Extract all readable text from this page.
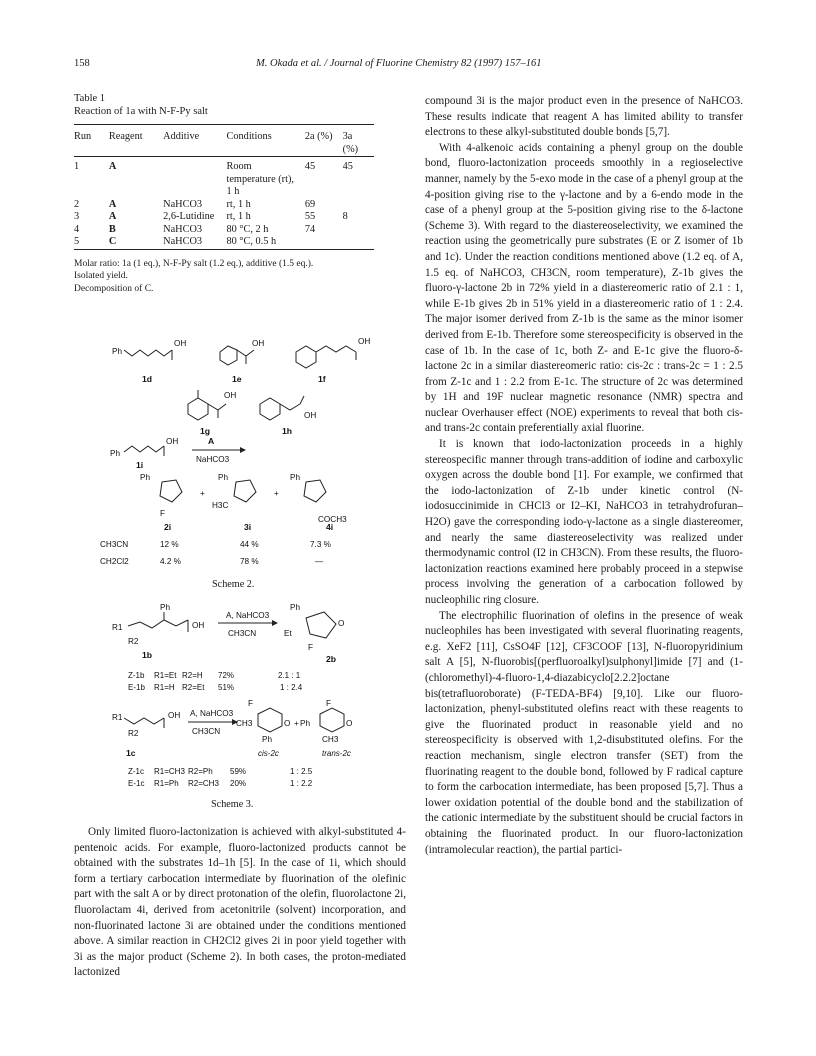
158	M. Okada et al. / Journal of Fluorine Chemistry 82 (1997) 157–161
Table 1
Reaction of 1a with N-F-Py salt

Run	Reagent	Additive	Conditions	2a (%)	3a (%)

1	A		Room temperature (rt), 1 h	45	45
2	A	NaHCO3	rt, 1 h	69	
3	A	2,6-Lutidine	rt, 1 h	55	8
4	B	NaHCO3	80 °C, 2 h	74	
5	C	NaHCO3	80 °C, 0.5 h		

Molar ratio: 1a (1 eq.), N-F-Py salt (1.2 eq.), additive (1.5 eq.).
Isolated yield.
Decomposition of C.
Ph
OH
1d
OH
1e
OH
1f
OH
1g
OH
1h
Ph
OH	A
NaHCO3
1i
Ph
F
+
2i
Ph
H3C
+
3i
Ph
COCH3
4i
CH3CN	12 %	44 %	7.3 %
CH2Cl2	4.2 %	78 %	—
Scheme 2.
Ph
R1	OH
R2
1b
A, NaHCO3
CH3CN
Ph
Et
O
F
2b
Z-1b R1=Et R2=H 72%	2.1 : 1
E-1b R1=H R2=Et 51%	1 : 2.4
R1	OH
R2
1c
A, NaHCO3
CH3CN
F
CH3	O
Ph
+
cis-2c
F
Ph	O
CH3
trans-2c
Z-1c R1=CH3 R2=Ph 59%	1 : 2.5
E-1c R1=Ph R2=CH3 20%	1 : 2.2
Scheme 3.
Only limited fluoro-lactonization is achieved with alkyl-substituted 4-pentenoic acids. For example, fluoro-lactonized products cannot be obtained with the substrates 1d–1h [5]. In the case of 1i, which should form a tertiary carbocation intermediate by fluorination of the olefinic part with the salt A or by direct protonation of the olefin, fluorolactone 2i, fluorolactam 4i, derived from acetonitrile (solvent) incorporation, and non-fluorinated lactone 3i are obtained under the conditions mentioned above. A similar reaction in CH2Cl2 gives 2i in poor yield together with 3i as the major product (Scheme 2). In both cases, the proton-mediated lactonized
compound 3i is the major product even in the presence of NaHCO3. These results indicate that reagent A has limited ability to transfer electrons to these alkyl-substituted double bonds [5,7].
With 4-alkenoic acids containing a phenyl group on the double bond, fluoro-lactonization proceeds smoothly in a regioselective manner, namely by the 5-exo mode in the case of a phenyl group at the 4-position giving rise to the γ-lactone and by a 6-endo mode in the case of a phenyl group at the 5-position giving rise to the δ-lactone (Scheme 3). With regard to the diastereoselectivity, we examined the reaction using the geometrically pure substrates (E or Z isomer of 1b and 1c). Under the reaction conditions mentioned above (1.2 eq. of A, 1.5 eq. of NaHCO3, CH3CN, room temperature), Z-1b gives the fluoro-γ-lactone 2b in 72% yield in a diastereomeric ratio of 2.1 : 1, while E-1b gives 2b in 51% yield in a diastereomeric ratio of 1 : 2.4. The major isomer derived from Z-1b is the same as the minor isomer derived from E-1b. Therefore some stereospecificity is observed in the case of 1b. In the case of 1c, both Z- and E-1c give the fluoro-δ-lactone 2c in a similar diastereomeric ratio: cis-2c : trans-2c = 1 : 2.5 from Z-1c and 1 : 2.2 from E-1c. The structure of 2c was determined by 1H and 19F nuclear magnetic resonance (NMR) spectra and nuclear Overhauser effect (NOE) experiments to reveal that both cis- and trans-2c contain preferentially axial fluorine.
It is known that iodo-lactonization proceeds in a highly stereospecific manner through trans-addition of iodine and carboxylic oxygen across the double bond [1]. For example, we confirmed that the iodo-lactonization of Z-1b under kinetic control (N-iodosuccinimide in CHCl3 or I2–KI, NaHCO3 in tetrahydrofuran–H2O) gave the corresponding iodo-γ-lactone as a single diastereomer, and nearly the same diastereoselectivity was realized under thermodynamic control (I2 in CH3CN). From these results, the fluoro-lactonization reactions examined here probably proceed in a stepwise process involving the generation of a carbocation followed by nucleophilic ring closure.
The electrophilic fluorination of olefins in the presence of weak nucleophiles has been investigated with several fluorinating reagents, e.g. XeF2 [11], CsSO4F [12], CF3COOF [13], N-fluoropyridinium salt A [5], N-fluorobis[(perfluoroalkyl)sulphonyl]imide [7] and (1-(chloromethyl)-4-fluoro-1,4-diazabicyclo[2.2.2]octane bis(tetrafluoroborate) (F-TEDA-BF4) [9,10]. Like our fluoro-lactonization, phenyl-substituted olefins react with these reagents to give the fluorinated product in reasonable yield and no stereospecificity is observed with 1,2-disubstituted olefins. For the reaction mechanism, single electron transfer (SET) from the fluorinating reagent to the double bond, followed by F radical capture to form the carbocation intermediate, has been proposed [5,7]. Thus a lower oxidation potential of the double bond and the stabilization of the cationic intermediate by the substituent should be crucial factors in obtaining the fluorinated product. In our fluoro-lactonization (intramolecular reaction), the partial partici-
